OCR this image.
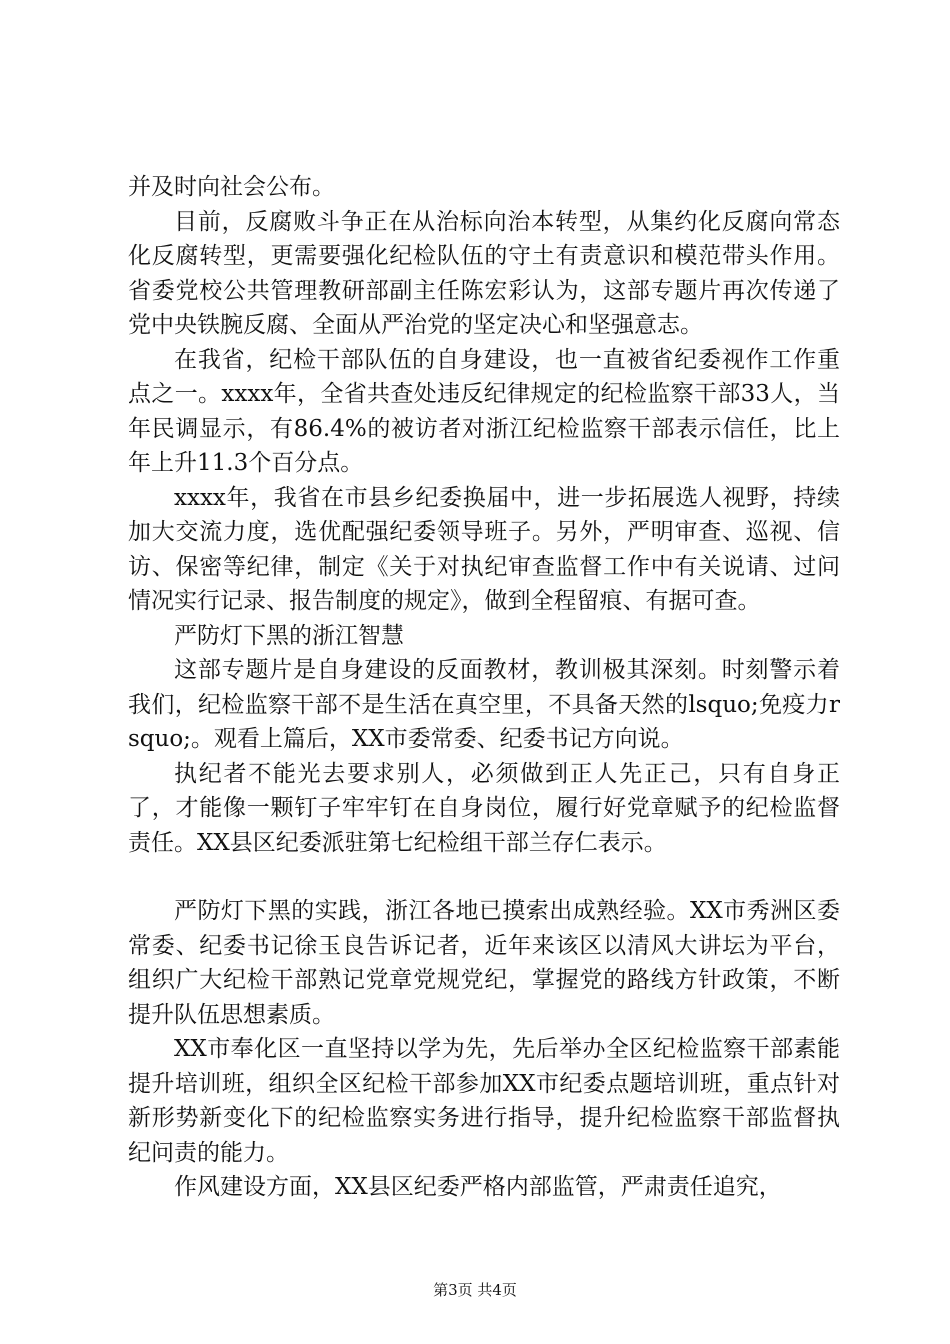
并及时向社会公布。

目前，反腐败斗争正在从治标向治本转型，从集约化反腐向常态化反腐转型，更需要强化纪检队伍的守土有责意识和模范带头作用。省委党校公共管理教研部副主任陈宏彩认为，这部专题片再次传递了党中央铁腕反腐、全面从严治党的坚定决心和坚强意志。

在我省，纪检干部队伍的自身建设，也一直被省纪委视作工作重点之一。xxxx年，全省共查处违反纪律规定的纪检监察干部33人，当年民调显示，有86.4%的被访者对浙江纪检监察干部表示信任，比上年上升11.3个百分点。

xxxx年，我省在市县乡纪委换届中，进一步拓展选人视野，持续加大交流力度，选优配强纪委领导班子。另外，严明审查、巡视、信访、保密等纪律，制定《关于对执纪审查监督工作中有关说请、过问情况实行记录、报告制度的规定》，做到全程留痕、有据可查。

严防灯下黑的浙江智慧

这部专题片是自身建设的反面教材，教训极其深刻。时刻警示着我们，纪检监察干部不是生活在真空里，不具备天然的lsquo;免疫力rsquo;。观看上篇后，XX市委常委、纪委书记方向说。

执纪者不能光去要求别人，必须做到正人先正己，只有自身正了，才能像一颗钉子牢牢钉在自身岗位，履行好党章赋予的纪检监督责任。XX县区纪委派驻第七纪检组干部兰存仁表示。

严防灯下黑的实践，浙江各地已摸索出成熟经验。XX市秀洲区委常委、纪委书记徐玉良告诉记者，近年来该区以清风大讲坛为平台，组织广大纪检干部熟记党章党规党纪，掌握党的路线方针政策，不断提升队伍思想素质。

XX市奉化区一直坚持以学为先，先后举办全区纪检监察干部素能提升培训班，组织全区纪检干部参加XX市纪委点题培训班，重点针对新形势新变化下的纪检监察实务进行指导，提升纪检监察干部监督执纪问责的能力。

作风建设方面，XX县区纪委严格内部监管，严肃责任追究，

第3页 共4页
